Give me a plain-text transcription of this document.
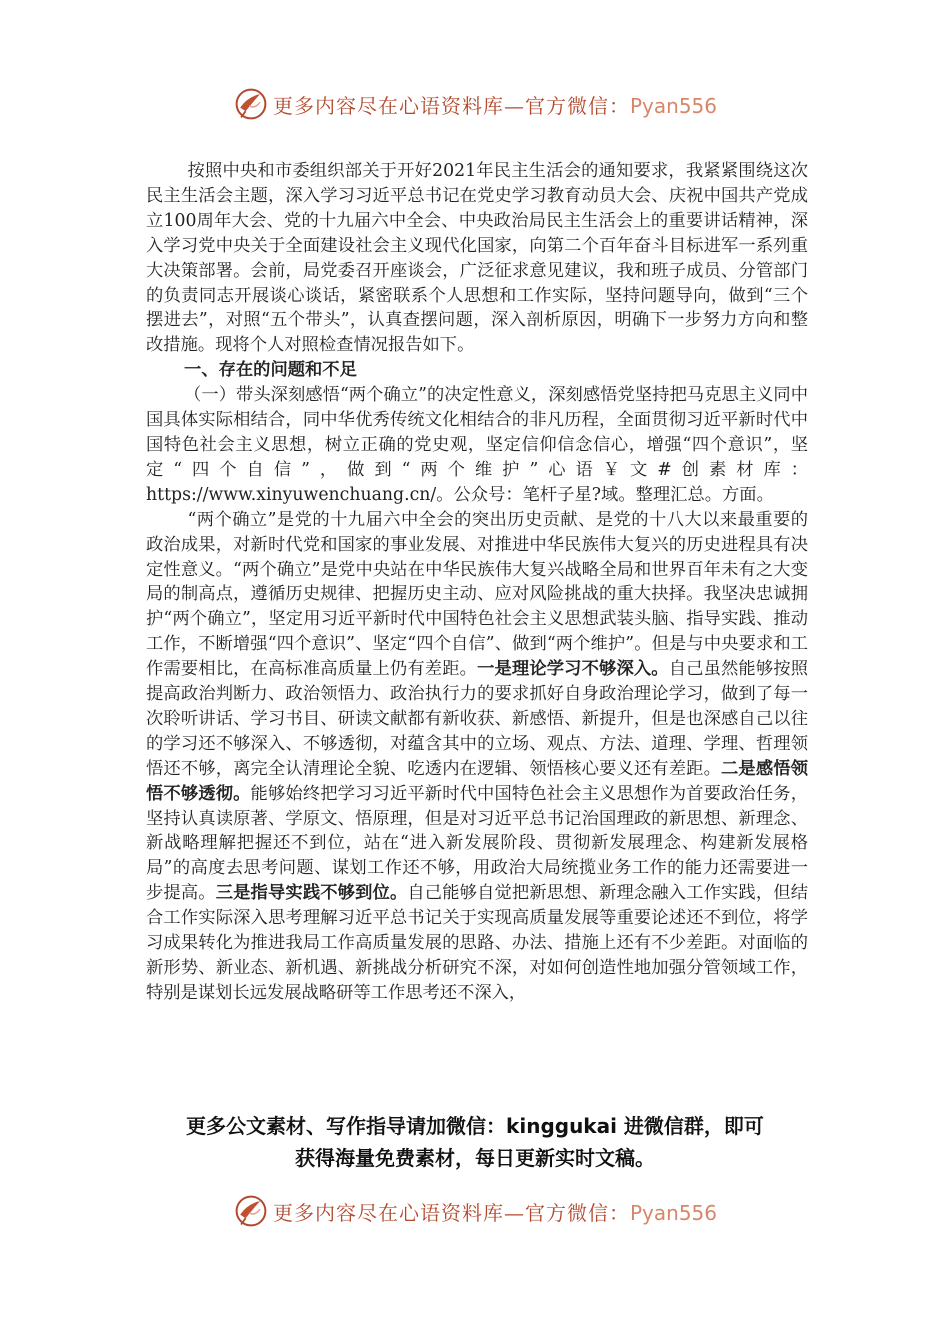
更多内容尽在心语资料库—官方微信：Pyan556

按照中央和市委组织部关于开好2021年民主生活会的通知要求，我紧紧围绕这次民主生活会主题，深入学习习近平总书记在党史学习教育动员大会、庆祝中国共产党成立100周年大会、党的十九届六中全会、中央政治局民主生活会上的重要讲话精神，深入学习党中央关于全面建设社会主义现代化国家，向第二个百年奋斗目标进军一系列重大决策部署。会前，局党委召开座谈会，广泛征求意见建议，我和班子成员、分管部门的负责同志开展谈心谈话，紧密联系个人思想和工作实际，坚持问题导向，做到“三个摆进去”，对照“五个带头”，认真查摆问题，深入剖析原因，明确下一步努力方向和整改措施。现将个人对照检查情况报告如下。

一、存在的问题和不足

（一）带头深刻感悟“两个确立”的决定性意义，深刻感悟党坚持把马克思主义同中国具体实际相结合，同中华优秀传统文化相结合的非凡历程，全面贯彻习近平新时代中国特色社会主义思想，树立正确的党史观，坚定信仰信念信心，增强“四个意识”，坚定“四个自信”，做到“两个维护”心语￥文#创素材库：https://www.xinyuwenchuang.cn/。公众号：笔杆子星?域。整理汇总。方面。

“两个确立”是党的十九届六中全会的突出历史贡献、是党的十八大以来最重要的政治成果，对新时代党和国家的事业发展、对推进中华民族伟大复兴的历史进程具有决定性意义。“两个确立”是党中央站在中华民族伟大复兴战略全局和世界百年未有之大变局的制高点，遵循历史规律、把握历史主动、应对风险挑战的重大抉择。我坚决忠诚拥护“两个确立”，坚定用习近平新时代中国特色社会主义思想武装头脑、指导实践、推动工作，不断增强“四个意识”、坚定“四个自信”、做到“两个维护”。但是与中央要求和工作需要相比，在高标准高质量上仍有差距。一是理论学习不够深入。自己虽然能够按照提高政治判断力、政治领悟力、政治执行力的要求抓好自身政治理论学习，做到了每一次聆听讲话、学习书目、研读文献都有新收获、新感悟、新提升，但是也深感自己以往的学习还不够深入、不够透彻，对蕴含其中的立场、观点、方法、道理、学理、哲理领悟还不够，离完全认清理论全貌、吃透内在逻辑、领悟核心要义还有差距。二是感悟领悟不够透彻。能够始终把学习习近平新时代中国特色社会主义思想作为首要政治任务，坚持认真读原著、学原文、悟原理，但是对习近平总书记治国理政的新思想、新理念、新战略理解把握还不到位，站在“进入新发展阶段、贯彻新发展理念、构建新发展格局”的高度去思考问题、谋划工作还不够，用政治大局统揽业务工作的能力还需要进一步提高。三是指导实践不够到位。自己能够自觉把新思想、新理念融入工作实践，但结合工作实际深入思考理解习近平总书记关于实现高质量发展等重要论述还不到位，将学习成果转化为推进我局工作高质量发展的思路、办法、措施上还有不少差距。对面临的新形势、新业态、新机遇、新挑战分析研究不深，对如何创造性地加强分管领域工作，特别是谋划长远发展战略研等工作思考还不深入，

更多公文素材、写作指导请加微信：kinggukai 进微信群，即可
获得海量免费素材，每日更新实时文稿。
更多内容尽在心语资料库—官方微信：Pyan556
